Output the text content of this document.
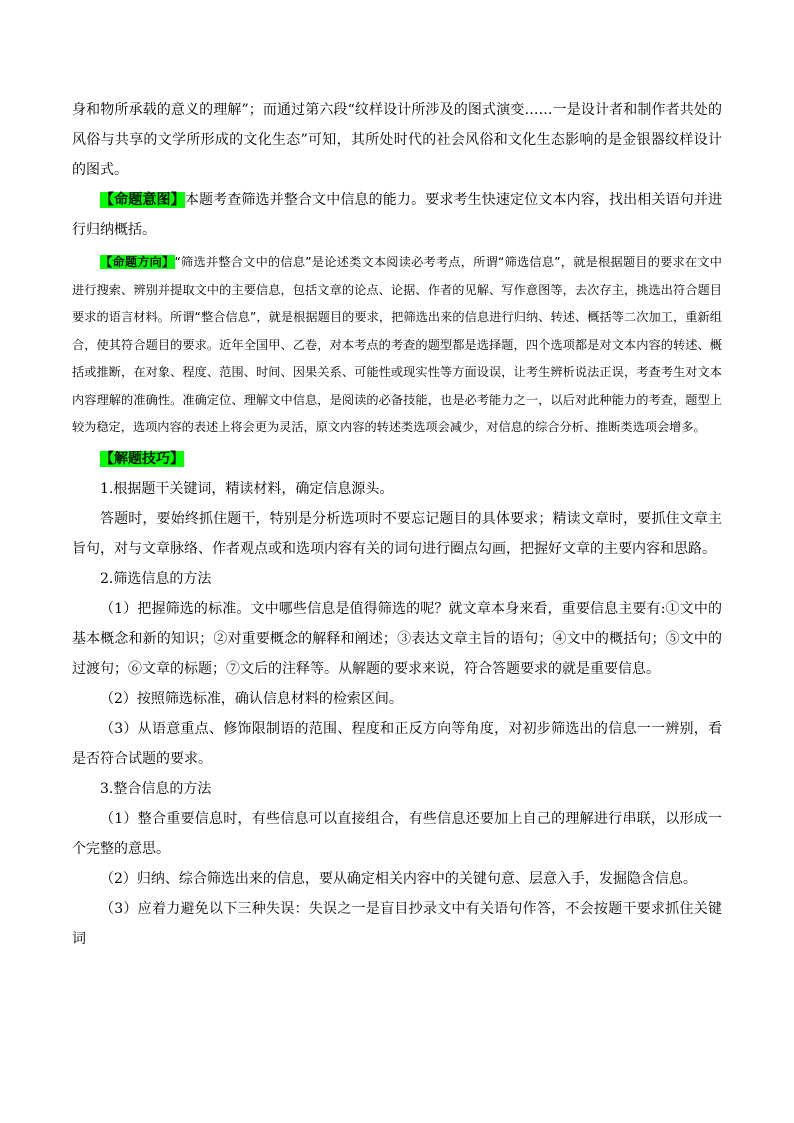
身和物所承载的意义的理解”；而通过第六段“纹样设计所涉及的图式演变……一是设计者和制作者共处的风俗与共享的文学所形成的文化生态”可知，其所处时代的社会风俗和文化生态影响的是金银器纹样设计的图式。

【命题意图】本题考查筛选并整合文中信息的能力。要求考生快速定位文本内容，找出相关语句并进行归纳概括。

【命题方向】“筛选并整合文中的信息”是论述类文本阅读必考考点，所谓“筛选信息”，就是根据题目的要求在文中进行搜索、辨别并提取文中的主要信息，包括文章的论点、论据、作者的见解、写作意图等，去次存主，挑选出符合题目要求的语言材料。所谓“整合信息”，就是根据题目的要求，把筛选出来的信息进行归纳、转述、概括等二次加工，重新组合，使其符合题目的要求。近年全国甲、乙卷，对本考点的考查的题型都是选择题，四个选项都是对文本内容的转述、概括或推断，在对象、程度、范围、时间、因果关系、可能性或现实性等方面设误，让考生辨析说法正误，考查考生对文本内容理解的准确性。准确定位、理解文中信息，是阅读的必备技能，也是必考能力之一，以后对此种能力的考查，题型上较为稳定，选项内容的表述上将会更为灵活，原文内容的转述类选项会减少，对信息的综合分析、推断类选项会增多。

【解题技巧】

1.根据题干关键词，精读材料，确定信息源头。

答题时，要始终抓住题干，特别是分析选项时不要忘记题目的具体要求；精读文章时，要抓住文章主旨句，对与文章脉络、作者观点或和选项内容有关的词句进行圈点勾画，把握好文章的主要内容和思路。

2.筛选信息的方法

（1）把握筛选的标准。文中哪些信息是值得筛选的呢？就文章本身来看，重要信息主要有:①文中的基本概念和新的知识；②对重要概念的解释和阐述；③表达文章主旨的语句；④文中的概括句；⑤文中的过渡句；⑥文章的标题；⑦文后的注释等。从解题的要求来说，符合答题要求的就是重要信息。

（2）按照筛选标准，确认信息材料的检索区间。

（3）从语意重点、修饰限制语的范围、程度和正反方向等角度，对初步筛选出的信息一一辨别，看是否符合试题的要求。

3.整合信息的方法

（1）整合重要信息时，有些信息可以直接组合，有些信息还要加上自己的理解进行串联，以形成一个完整的意思。

（2）归纳、综合筛选出来的信息，要从确定相关内容中的关键句意、层意入手，发掘隐含信息。

（3）应着力避免以下三种失误：失误之一是盲目抄录文中有关语句作答，不会按题干要求抓住关键词
